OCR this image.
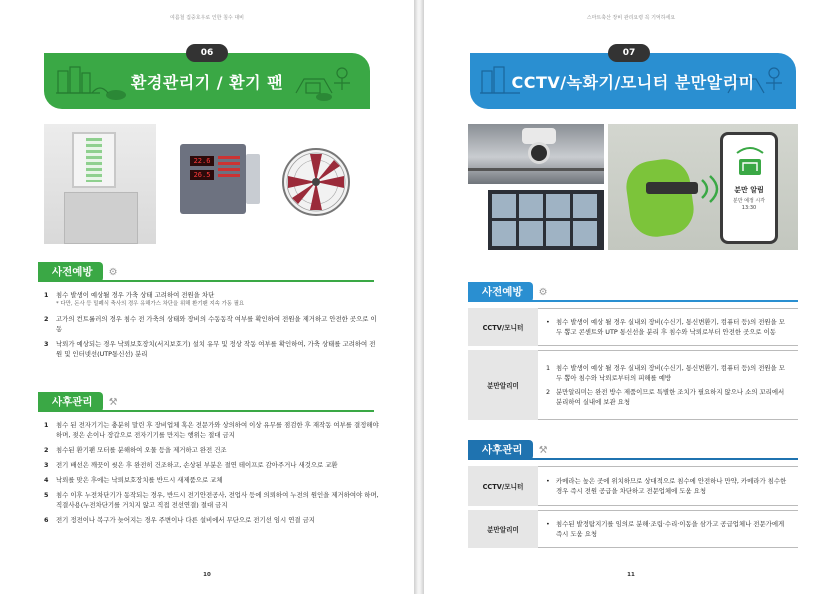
여름철 집중호우로 인한 침수 대비
06
환경관리기 / 환기 팬
22.6
26.5
사전예방	⚙
1	침수 발생이 예상될 경우 가축 상태 고려하여 전원을 차단
* 다만, 돈사 등 밀폐식 축사의 경우 유해가스 차단을 위해 환기팬 지속 가동 필요
2	고가의 컨트롤러의 경우 침수 전 가축의 상태와 장비의 수동동작 여부를 확인하여 전원을 제거하고 안전한 곳으로 이동
3	낙뢰가 예상되는 경우 낙뢰보호장치(서지보호기) 설치 유무 및 정상 작동 여부를 확인하여, 가축 상태를 고려하여 전원 및 인터넷선(UTP통신선) 분리
사후관리	⚒
1	침수 된 전자기기는 충분히 말린 후 장비업체 혹은 전문가와 상의하여 이상 유무를 점검한 후 재작동 여부를 결정해야 하며, 젖은 손이나 장갑으로 전자기기를 만지는 행위는 절대 금지
2	침수된 환기팬 모터를 분해하여 오물 등을 제거하고 완전 건조
3	전기 배선은 깨끗이 씻은 후 완전히 건조하고, 손상된 부분은 절연 테이프로 감아주거나 새것으로 교환
4	낙뢰를 맞은 후에는 낙뢰보호장치를 반드시 새제품으로 교체
5	침수 이후 누전차단기가 동작되는 경우, 반드시 전기안전공사, 전업사 등에 의뢰하여 누전의 원인을 제거하여야 하며, 직결사용(누전차단기를 거치지 않고 직접 전선연결) 절대 금지
6	전기 정전이나 복구가 늦어지는 경우 주변이나 다른 설비에서 무단으로 전기선 임시 연결 금지
10
스마트축산 장비 관리요령 꼭 기억하세요
07
CCTV/녹화기/모니터 분만알리미
분만 알림
분만 예정 시각
13:30
사전예방	⚙
CCTV/모니터	• 침수 발생이 예상 될 경우 실내외 장비(수신기, 통신변환기, 컴퓨터 등)의 전원을 모두 뽑고 콘센트와 UTP 통신선을 분리 후 침수와 낙뢰로부터 안전한 곳으로 이동

분만알리미	1 침수 발생이 예상 될 경우 실내외 장비(수신기, 통신변환기, 컴퓨터 등)의 전원을 모두 뽑아 침수와 낙뢰로부터의 피해를 예방
2 분만알리미는 완전 방수 제품이므로 특별한 조치가 필요하지 않으나 소의 꼬리에서 분리하여 실내에 보관 요청
사후관리	⚒
CCTV/모니터	• 카메라는 높은 곳에 위치하므로 상대적으로 침수에 안전하나 만약, 카메라가 침수한 경우 즉시 전원 공급을 차단하고 전문업체에 도움 요청

분만알리미	• 침수된 발정탐지기를 임의로 분해·조립·수리·이동을 삼가고 공급업체나 전문가에게 즉시 도움 요청
11
